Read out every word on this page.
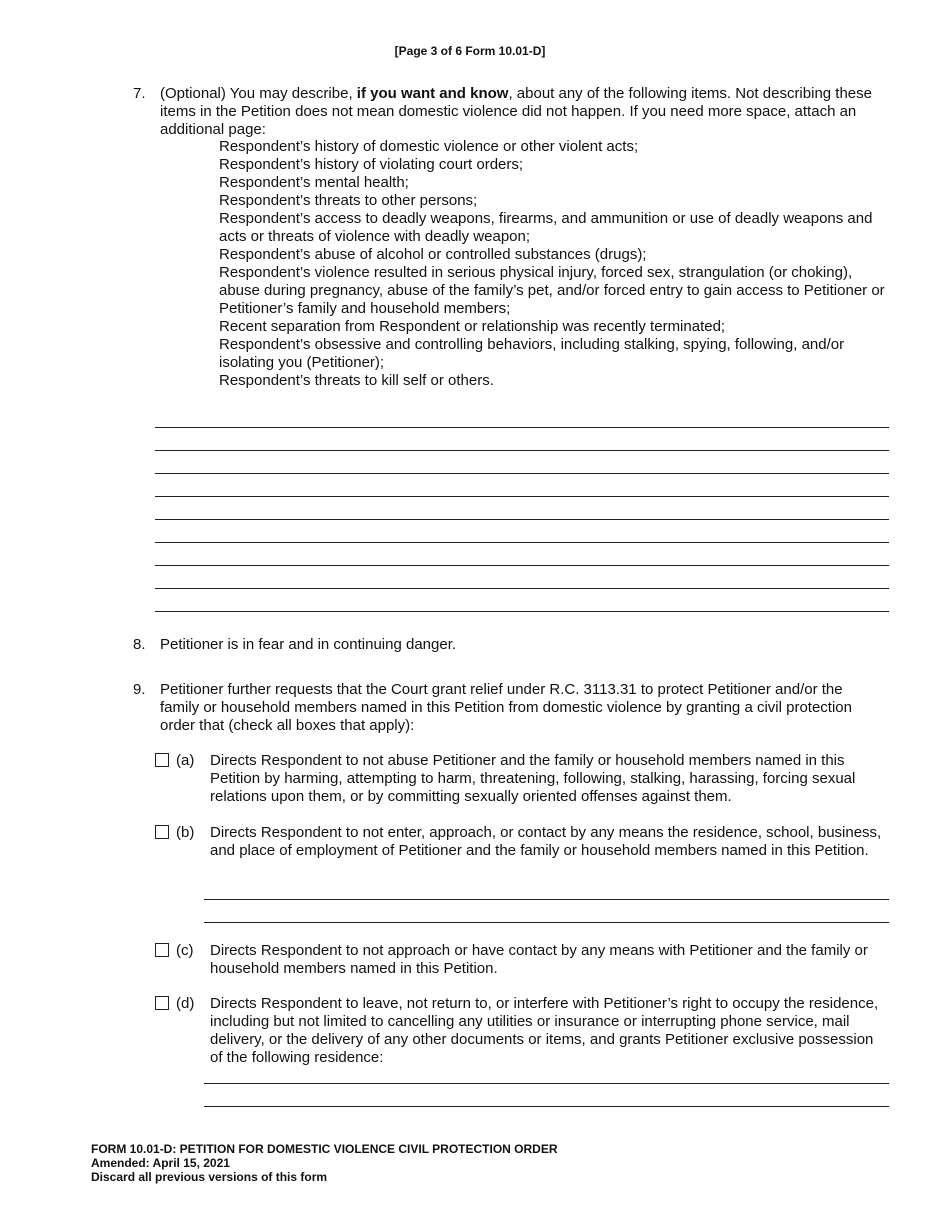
[Page 3 of 6 Form 10.01-D]
7. (Optional) You may describe, if you want and know, about any of the following items. Not describing these items in the Petition does not mean domestic violence did not happen. If you need more space, attach an additional page:
Respondent’s history of domestic violence or other violent acts;
Respondent’s history of violating court orders;
Respondent’s mental health;
Respondent’s threats to other persons;
Respondent’s access to deadly weapons, firearms, and ammunition or use of deadly weapons and acts or threats of violence with deadly weapon;
Respondent’s abuse of alcohol or controlled substances (drugs);
Respondent’s violence resulted in serious physical injury, forced sex, strangulation (or choking), abuse during pregnancy, abuse of the family’s pet, and/or forced entry to gain access to Petitioner or Petitioner’s family and household members;
Recent separation from Respondent or relationship was recently terminated;
Respondent’s obsessive and controlling behaviors, including stalking, spying, following, and/or isolating you (Petitioner);
Respondent’s threats to kill self or others.
8. Petitioner is in fear and in continuing danger.
9. Petitioner further requests that the Court grant relief under R.C. 3113.31 to protect Petitioner and/or the family or household members named in this Petition from domestic violence by granting a civil protection order that (check all boxes that apply):
(a) Directs Respondent to not abuse Petitioner and the family or household members named in this Petition by harming, attempting to harm, threatening, following, stalking, harassing, forcing sexual relations upon them, or by committing sexually oriented offenses against them.
(b) Directs Respondent to not enter, approach, or contact by any means the residence, school, business, and place of employment of Petitioner and the family or household members named in this Petition.
(c) Directs Respondent to not approach or have contact by any means with Petitioner and the family or household members named in this Petition.
(d) Directs Respondent to leave, not return to, or interfere with Petitioner’s right to occupy the residence, including but not limited to cancelling any utilities or insurance or interrupting phone service, mail delivery, or the delivery of any other documents or items, and grants Petitioner exclusive possession of the following residence:
FORM 10.01-D: PETITION FOR DOMESTIC VIOLENCE CIVIL PROTECTION ORDER
Amended: April 15, 2021
Discard all previous versions of this form
